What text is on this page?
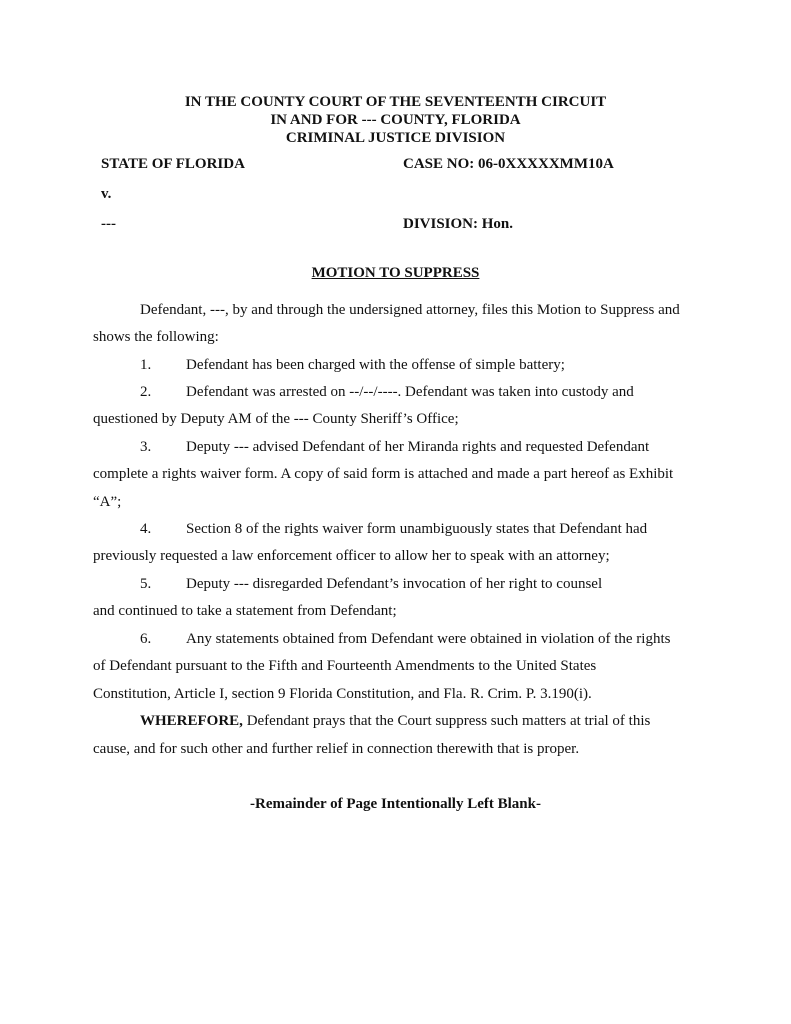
IN THE COUNTY COURT OF THE SEVENTEENTH CIRCUIT
IN AND FOR --- COUNTY, FLORIDA
CRIMINAL JUSTICE DIVISION
STATE OF FLORIDA	CASE NO: 06-0XXXXXMM10A
v.
---	DIVISION: Hon.
MOTION TO SUPPRESS
Defendant, ---, by and through the undersigned attorney, files this Motion to Suppress and
shows the following:
1. Defendant has been charged with the offense of simple battery;
2. Defendant was arrested on --/--/----. Defendant was taken into custody and
questioned by Deputy AM of the --- County Sheriff’s Office;
3. Deputy --- advised Defendant of her Miranda rights and requested Defendant
complete a rights waiver form. A copy of said form is attached and made a part hereof as Exhibit
“A”;
4. Section 8 of the rights waiver form unambiguously states that Defendant had
previously requested a law enforcement officer to allow her to speak with an attorney;
5. Deputy --- disregarded Defendant’s invocation of her right to counsel
and continued to take a statement from Defendant;
6. Any statements obtained from Defendant were obtained in violation of the rights
of Defendant pursuant to the Fifth and Fourteenth Amendments to the United States
Constitution, Article I, section 9 Florida Constitution, and Fla. R. Crim. P. 3.190(i).
WHEREFORE, Defendant prays that the Court suppress such matters at trial of this
cause, and for such other and further relief in connection therewith that is proper.
-Remainder of Page Intentionally Left Blank-
